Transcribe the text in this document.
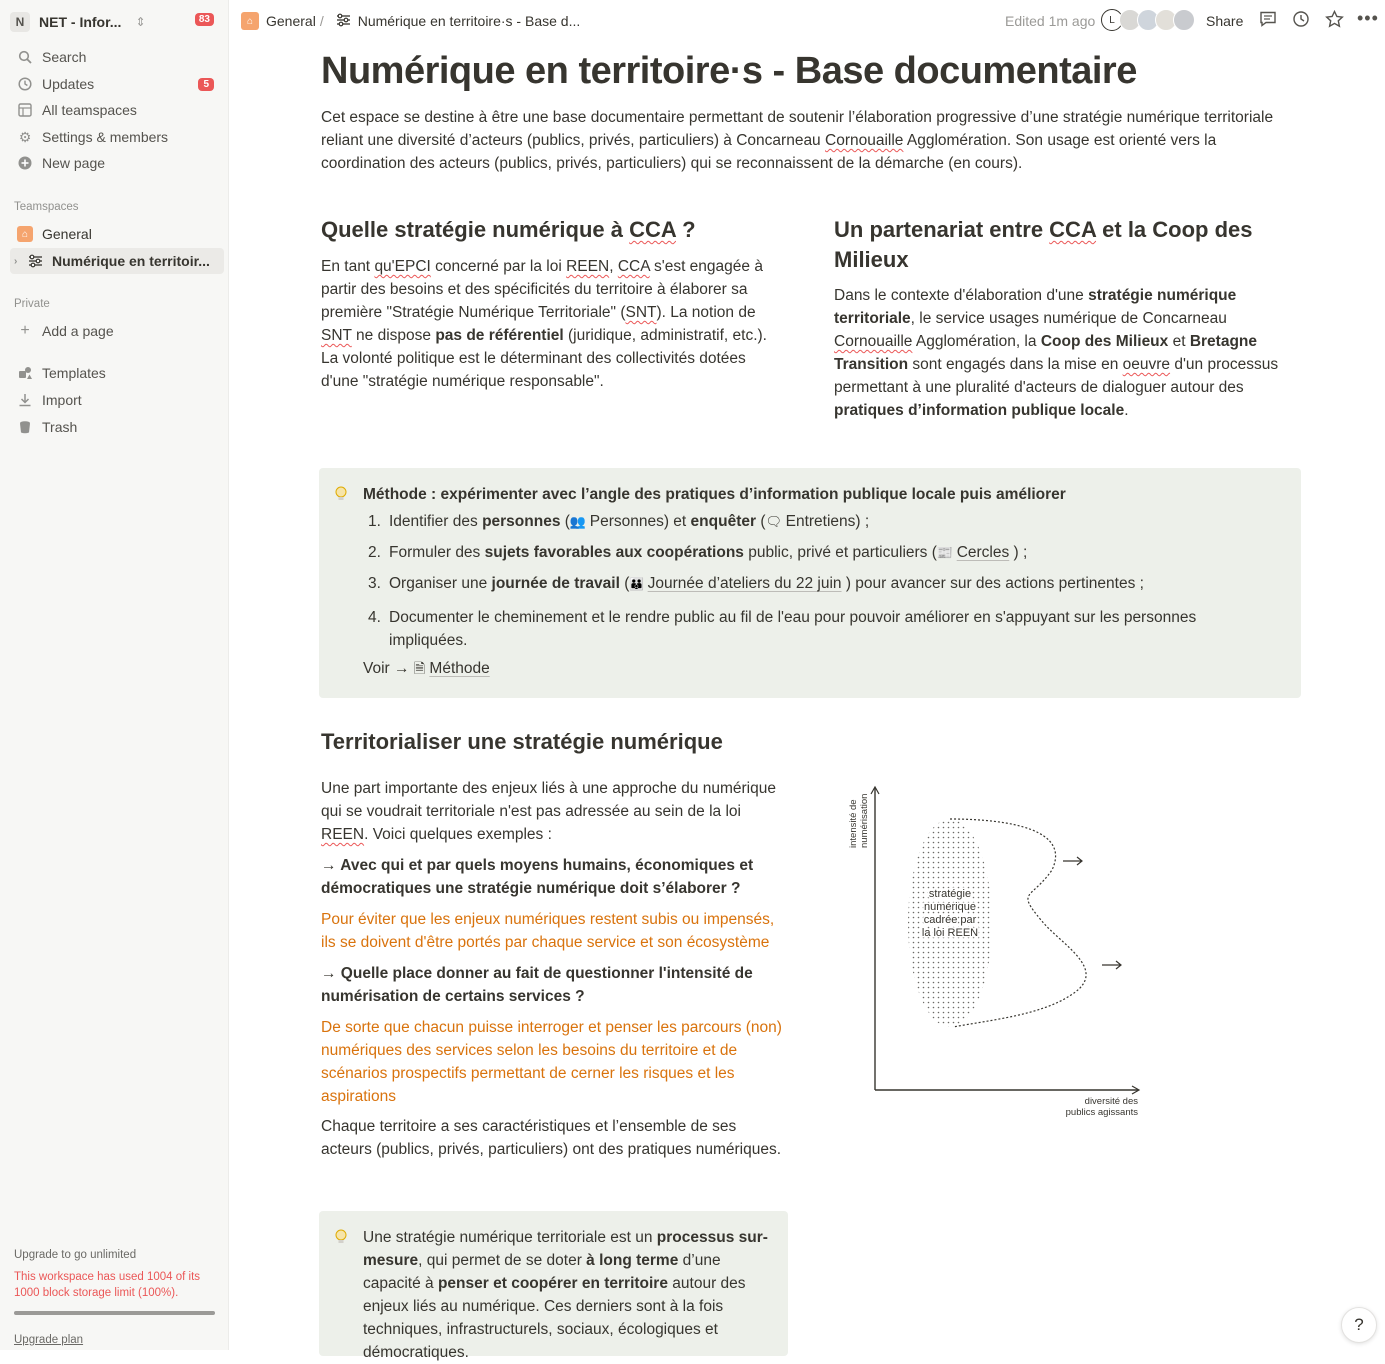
N	NET - Infor... ⇕	83
Search
Updates	5
All teamspaces
⚙ Settings & members
New page
Teamspaces
⌂ General
›	Numérique en territoir...
Private
+ Add a page
Templates
Import
Trash
Upgrade to go unlimited
This workspace has used 1004 of its 1000 block storage limit (100%).
Upgrade plan
⌂ General / Numérique en territoire·s - Base d...	Edited 1m ago	L	Share	•••
Numérique en territoire·s - Base documentaire
Cet espace se destine à être une base documentaire permettant de soutenir l’élaboration progressive d’une stratégie numérique territoriale reliant une diversité d’acteurs (publics, privés, particuliers) à Concarneau Cornouaille Agglomération. Son usage est orienté vers la coordination des acteurs (publics, privés, particuliers) qui se reconnaissent de la démarche (en cours).
Quelle stratégie numérique à CCA ?
En tant qu'EPCI concerné par la loi REEN, CCA s'est engagée à partir des besoins et des spécificités du territoire à élaborer sa première "Stratégie Numérique Territoriale" (SNT). La notion de SNT ne dispose pas de référentiel (juridique, administratif, etc.). La volonté politique est le déterminant des collectivités dotées d'une "stratégie numérique responsable".
Un partenariat entre CCA et la Coop des Milieux
Dans le contexte d'élaboration d'une stratégie numérique territoriale, le service usages numérique de Concarneau Cornouaille Agglomération, la Coop des Milieux et Bretagne Transition sont engagés dans la mise en oeuvre d'un processus permettant à une pluralité d'acteurs de dialoguer autour des pratiques d’information publique locale.
Méthode : expérimenter avec l’angle des pratiques d’information publique locale puis améliorer
1. Identifier des personnes (👥 Personnes) et enquêter (🗨 Entretiens) ;
2. Formuler des sujets favorables aux coopérations public, privé et particuliers (📰 Cercles ) ;
3. Organiser une journée de travail (👪 Journée d’ateliers du 22 juin ) pour avancer sur des actions pertinentes ;
4. Documenter le cheminement et le rendre public au fil de l'eau pour pouvoir améliorer en s'appuyant sur les personnes impliquées.
Voir → 🗎 Méthode
Territorialiser une stratégie numérique
Une part importante des enjeux liés à une approche du numérique qui se voudrait territoriale n'est pas adressée au sein de la loi REEN. Voici quelques exemples :
→ Avec qui et par quels moyens humains, économiques et démocratiques une stratégie numérique doit s’élaborer ?
Pour éviter que les enjeux numériques restent subis ou impensés, ils se doivent d'être portés par chaque service et son écosystème
→ Quelle place donner au fait de questionner l'intensité de numérisation de certains services ?
De sorte que chacun puisse interroger et penser les parcours (non) numériques des services selon les besoins du territoire et de scénarios prospectifs permettant de cerner les risques et les aspirations
Chaque territoire a ses caractéristiques et l’ensemble de ses acteurs (publics, privés, particuliers) ont des pratiques numériques.
Une stratégie numérique territoriale est un processus sur-mesure, qui permet de se doter à long terme d’une capacité à penser et coopérer en territoire autour des enjeux liés au numérique. Ces derniers sont à la fois techniques, infrastructurels, sociaux, écologiques et démocratiques.
intensité de numérisation
diversité des
publics agissants
stratégie
numérique
cadrée par
la loi REEN
?
